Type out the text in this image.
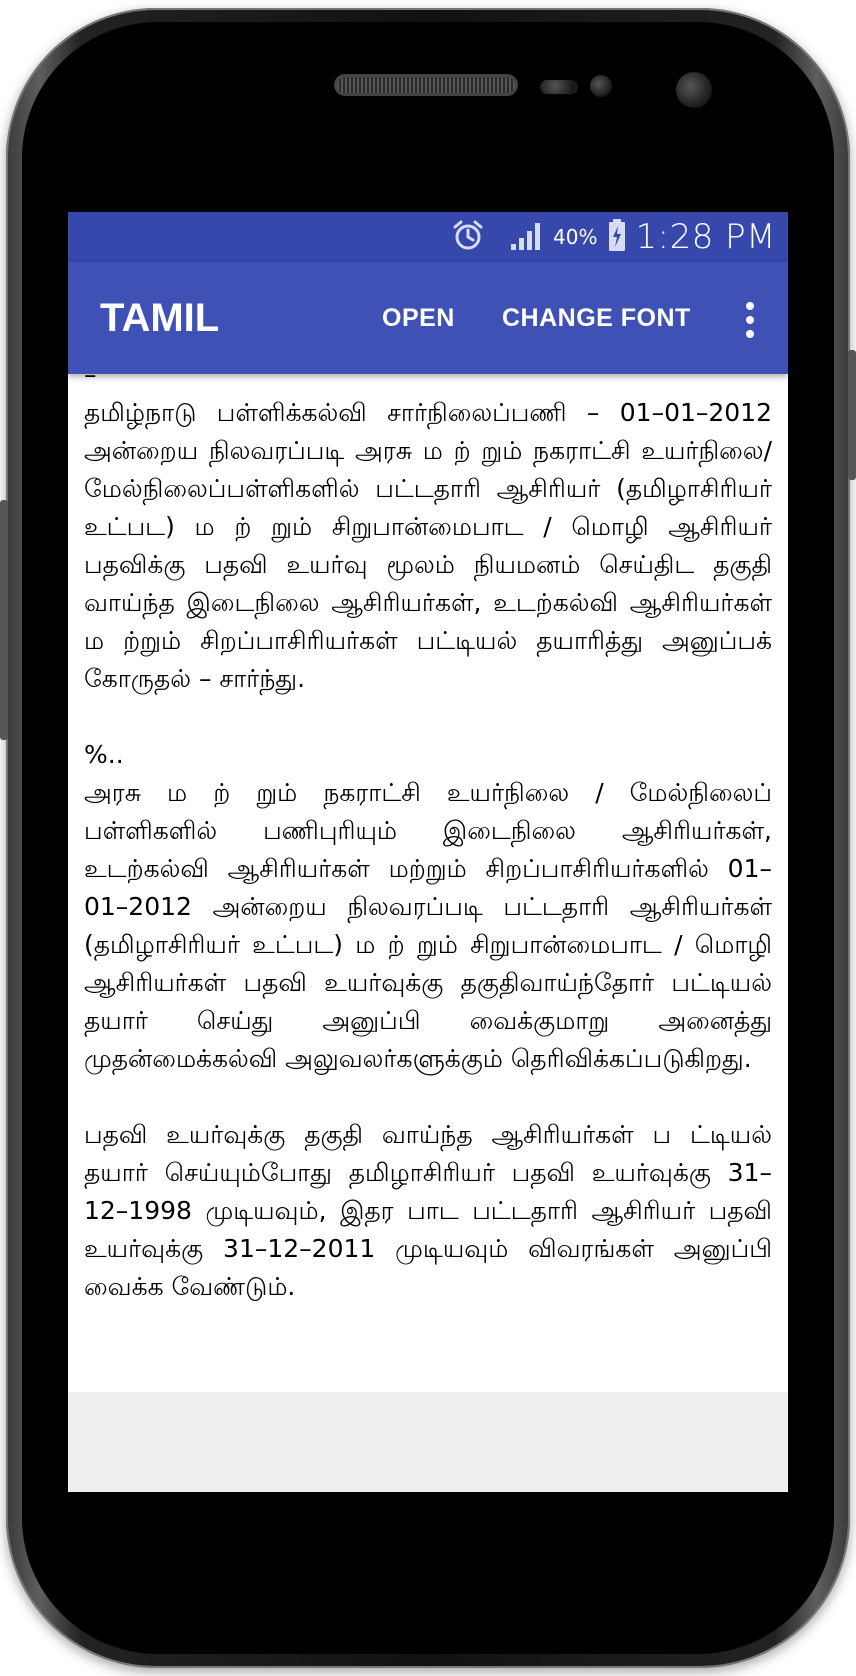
40% 1:28 PM
TAMIL	OPEN CHANGE FONT

–

தமிழ்நாடு பள்ளிக்கல்வி சார்நிலைப்பணி – 01–01–2012 அன்றைய நிலவரப்படி அரசு ம ற் றும் நகராட்சி உயர்நிலை/ மேல்நிலைப்பள்ளிகளில் பட்டதாரி ஆசிரியர் (தமிழாசிரியர் உட்பட) ம ற் றும் சிறுபான்மைபாட / மொழி ஆசிரியர் பதவிக்கு பதவி உயர்வு மூலம் நியமனம் செய்திட தகுதி வாய்ந்த இடைநிலை ஆசிரியர்கள், உடற்கல்வி ஆசிரியர்கள் ம ற்றும் சிறப்பாசிரியர்கள் பட்டியல் தயாரித்து அனுப்பக் கோருதல் – சார்ந்து.

%..

அரசு ம ற் றும் நகராட்சி உயர்நிலை / மேல்நிலைப் பள்ளிகளில் பணிபுரியும் இடைநிலை ஆசிரியர்கள், உடற்கல்வி ஆசிரியர்கள் மற்றும் சிறப்பாசிரியர்களில் 01–01–2012 அன்றைய நிலவரப்படி பட்டதாரி ஆசிரியர்கள் (தமிழாசிரியர் உட்பட) ம ற் றும் சிறுபான்மைபாட / மொழி ஆசிரியர்கள் பதவி உயர்வுக்கு தகுதிவாய்ந்தோர் பட்டியல் தயார் செய்து அனுப்பி வைக்குமாறு அனைத்து முதன்மைக்கல்வி அலுவலர்களுக்கும் தெரிவிக்கப்படுகிறது.

பதவி உயர்வுக்கு தகுதி வாய்ந்த ஆசிரியர்கள் ப ட்டியல் தயார் செய்யும்போது தமிழாசிரியர் பதவி உயர்வுக்கு 31–12–1998 முடியவும், இதர பாட பட்டதாரி ஆசிரியர் பதவி உயர்வுக்கு 31–12–2011 முடியவும் விவரங்கள் அனுப்பி வைக்க வேண்டும்.
